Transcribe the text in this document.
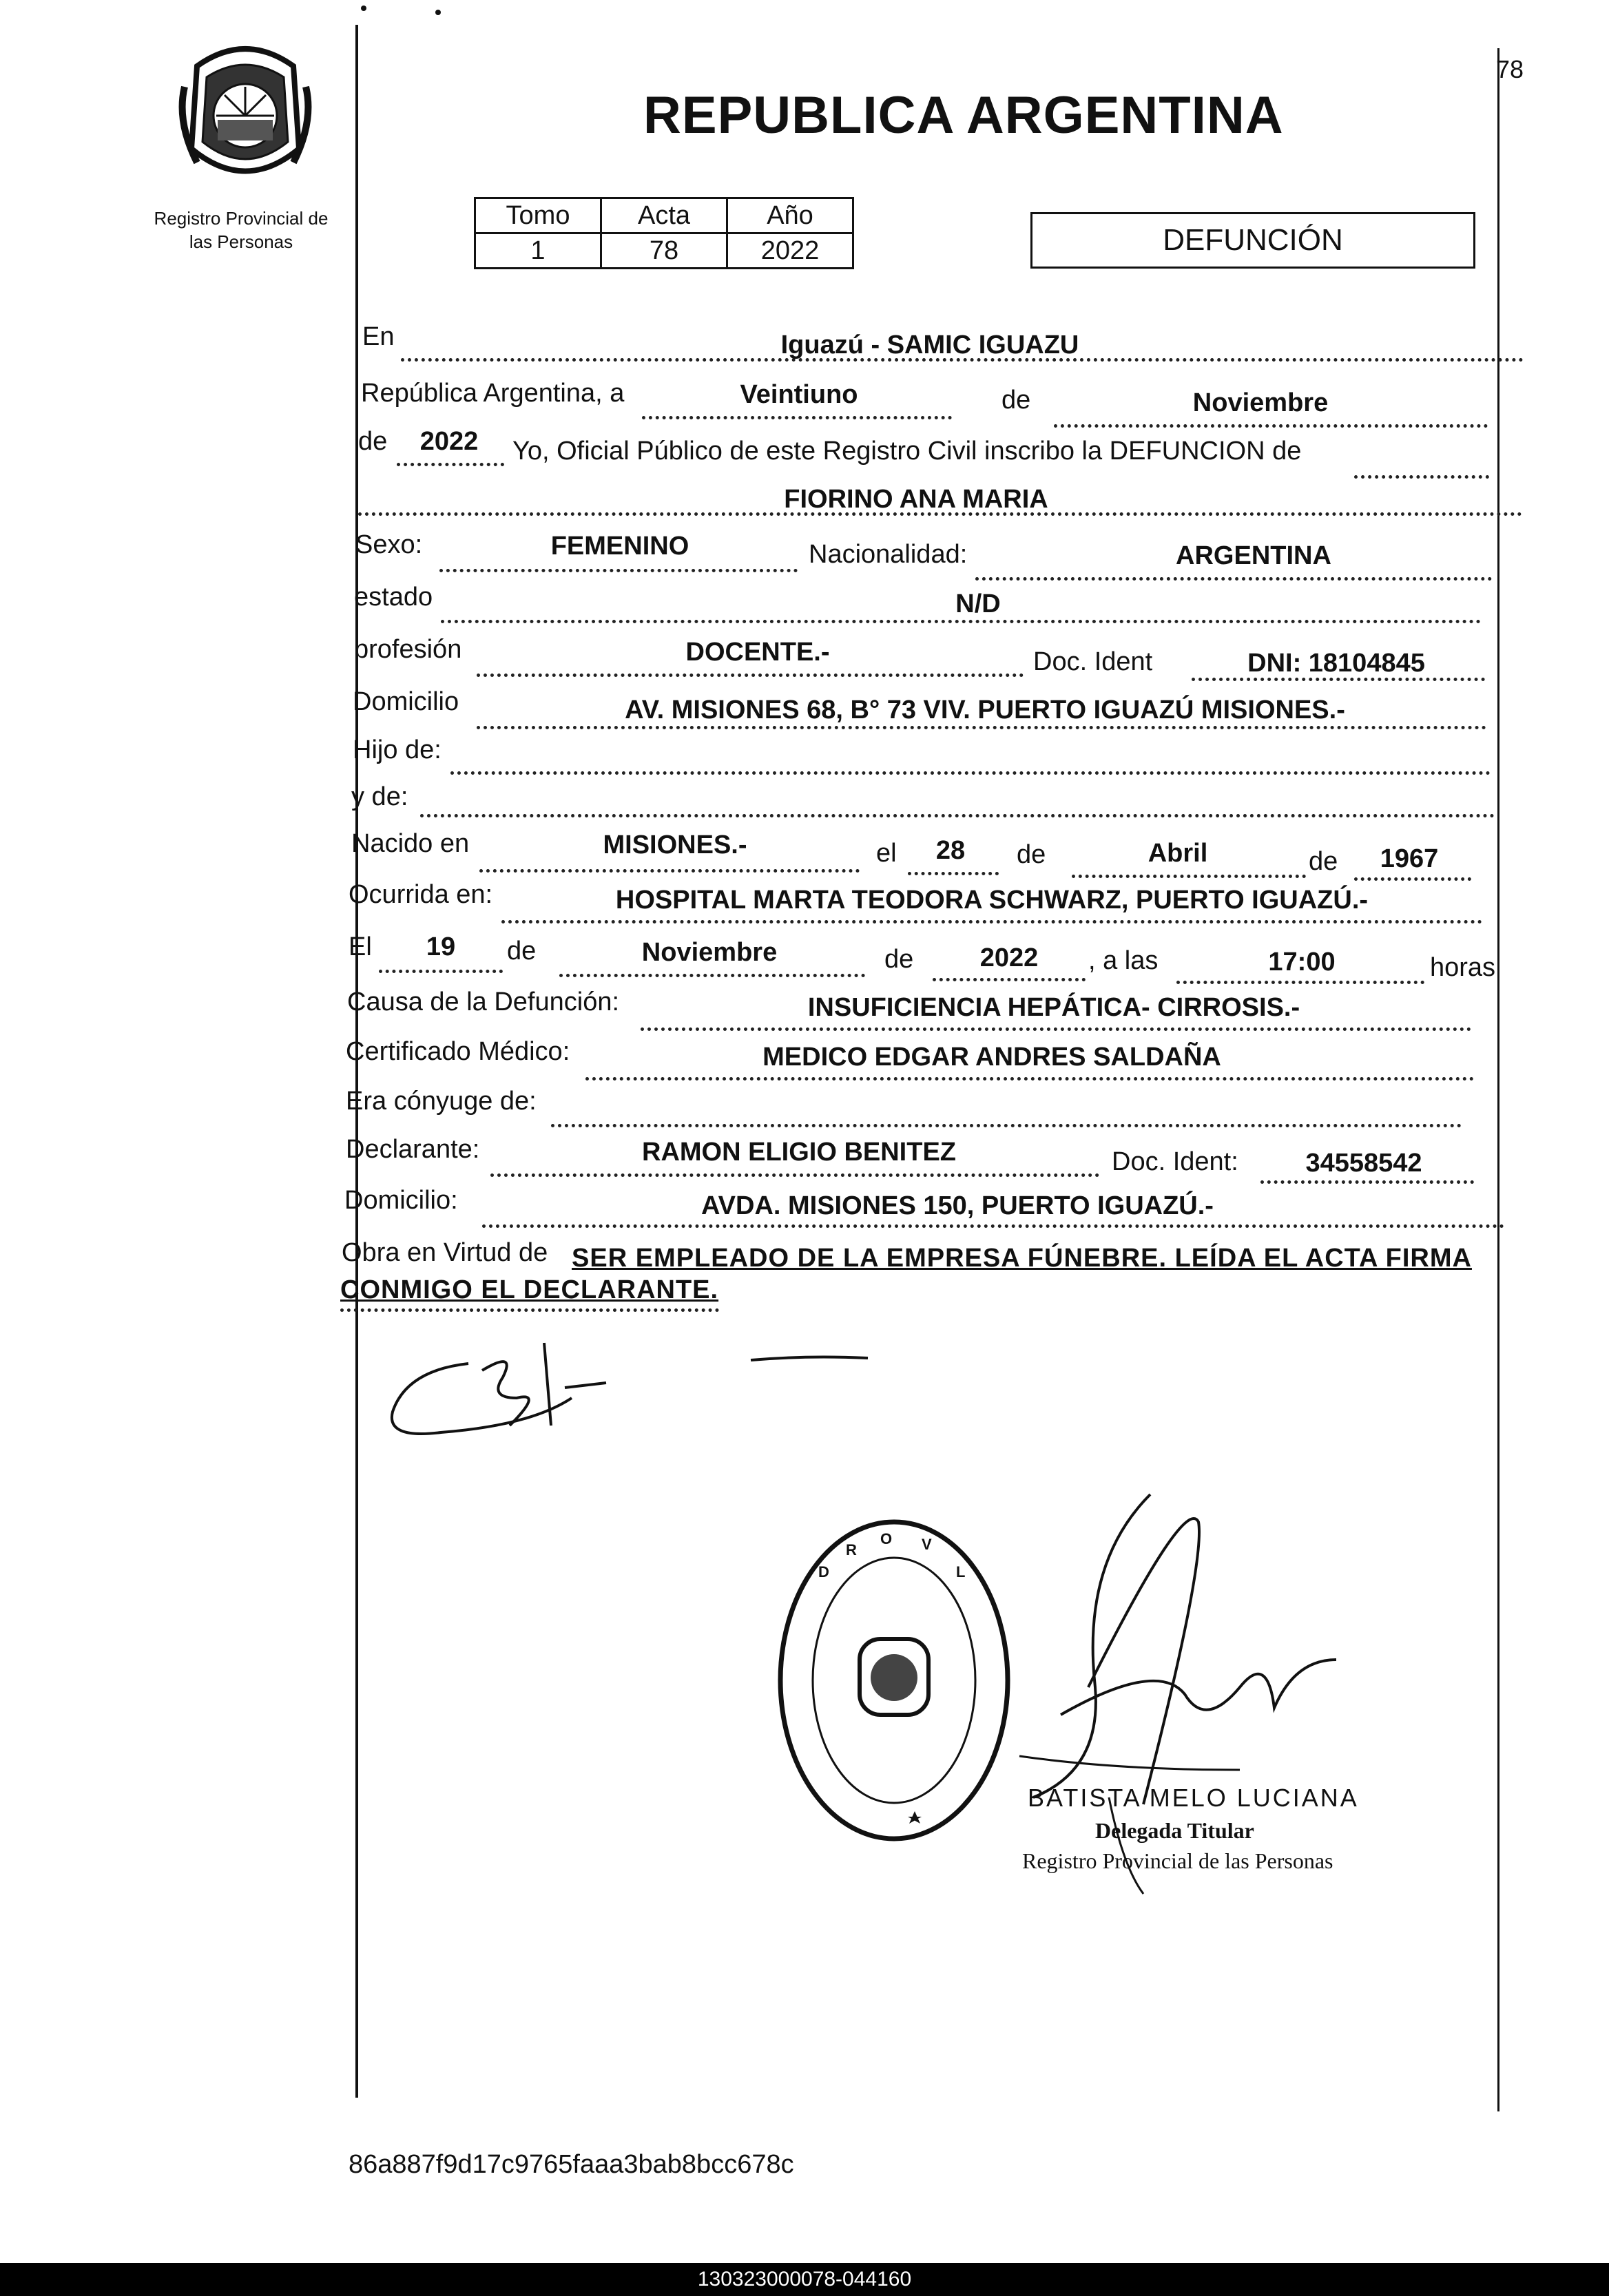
Registro Provincial de
las Personas
REPUBLICA ARGENTINA
78
Tomo	Acta	Año
1	78	2022	DEFUNCIÓN
En	Iguazú - SAMIC IGUAZU
República Argentina, a	Veintiuno	de	Noviembre
de	2022	Yo, Oficial Público de este Registro Civil inscribo la DEFUNCION de
FIORINO ANA MARIA
Sexo:	FEMENINO	Nacionalidad:	ARGENTINA
estado	N/D
profesión	DOCENTE.-	Doc. Ident	DNI: 18104845
Domicilio	AV. MISIONES 68, B° 73 VIV. PUERTO IGUAZÚ MISIONES.-
Hijo de:
y de:
Nacido en	MISIONES.-	el	28	de	Abril	de	1967
Ocurrida en:	HOSPITAL MARTA TEODORA SCHWARZ, PUERTO IGUAZÚ.-
El	19	de	Noviembre	de	2022	, a las	17:00	horas
Causa de la Defunción:	INSUFICIENCIA HEPÁTICA- CIRROSIS.-
Certificado Médico:	MEDICO EDGAR ANDRES SALDAÑA
Era cónyuge de:
Declarante:	RAMON ELIGIO BENITEZ	Doc. Ident:	34558542
Domicilio:	AVDA. MISIONES 150, PUERTO IGUAZÚ.-
Obra en Virtud de SER EMPLEADO DE LA EMPRESA FÚNEBRE. LEÍDA EL ACTA FIRMA
CONMIGO EL DECLARANTE.
D
R
O V
L
BATISTA MELO LUCIANA
Delegada Titular
Registro Provincial de las Personas
86a887f9d17c9765faaa3bab8bcc678c
130323000078-044160
